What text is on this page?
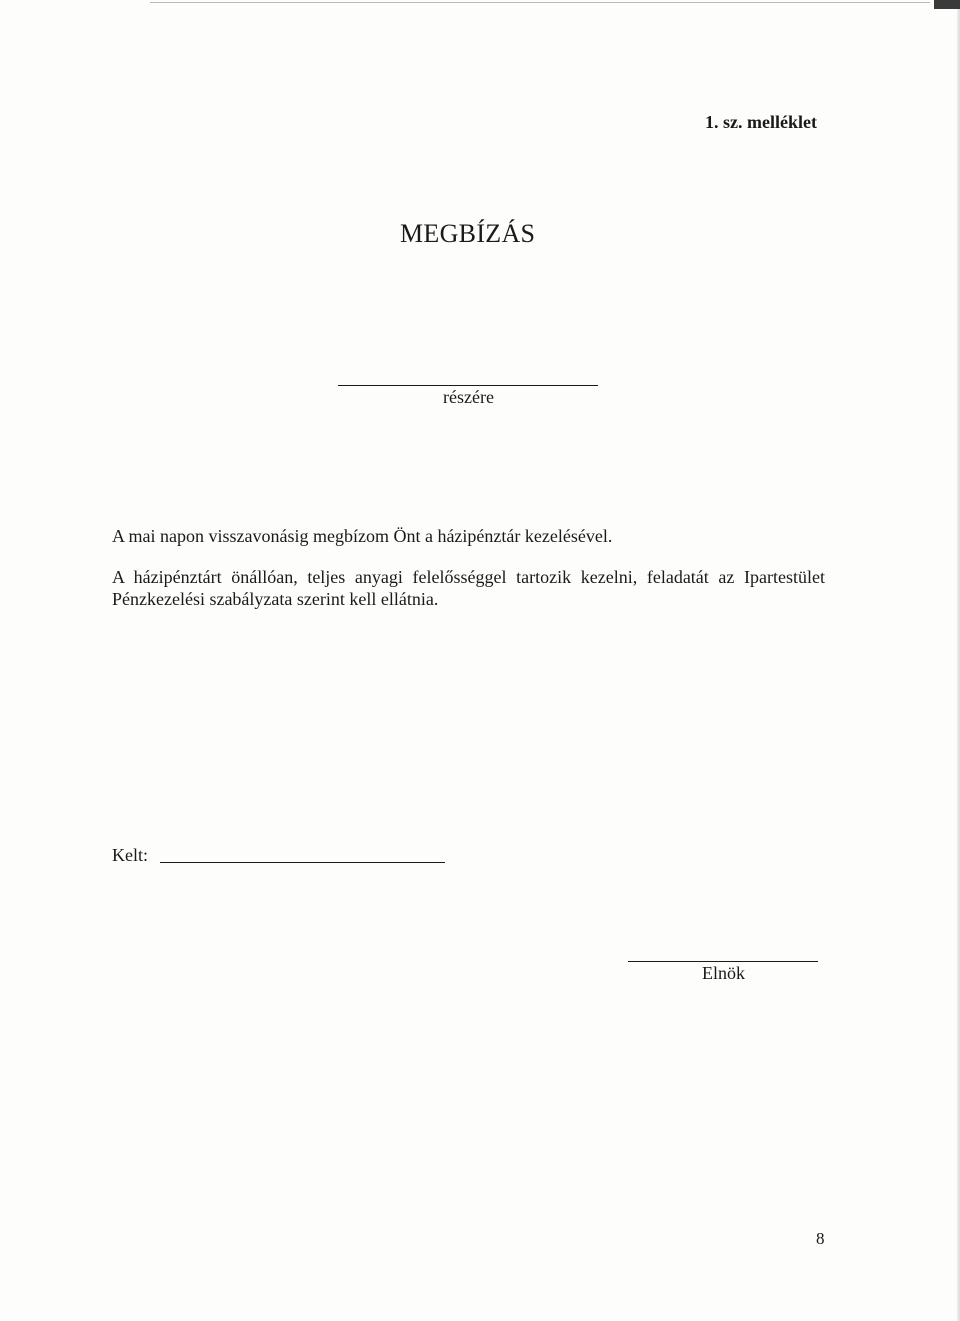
1. sz. melléklet
MEGBÍZÁS
részére
A mai napon visszavonásig megbízom Önt a házipénztár kezelésével.
A házipénztárt önállóan, teljes anyagi felelősséggel tartozik kezelni, feladatát az Ipartestület Pénzkezelési szabályzata szerint kell ellátnia.
Kelt:
Elnök
8
